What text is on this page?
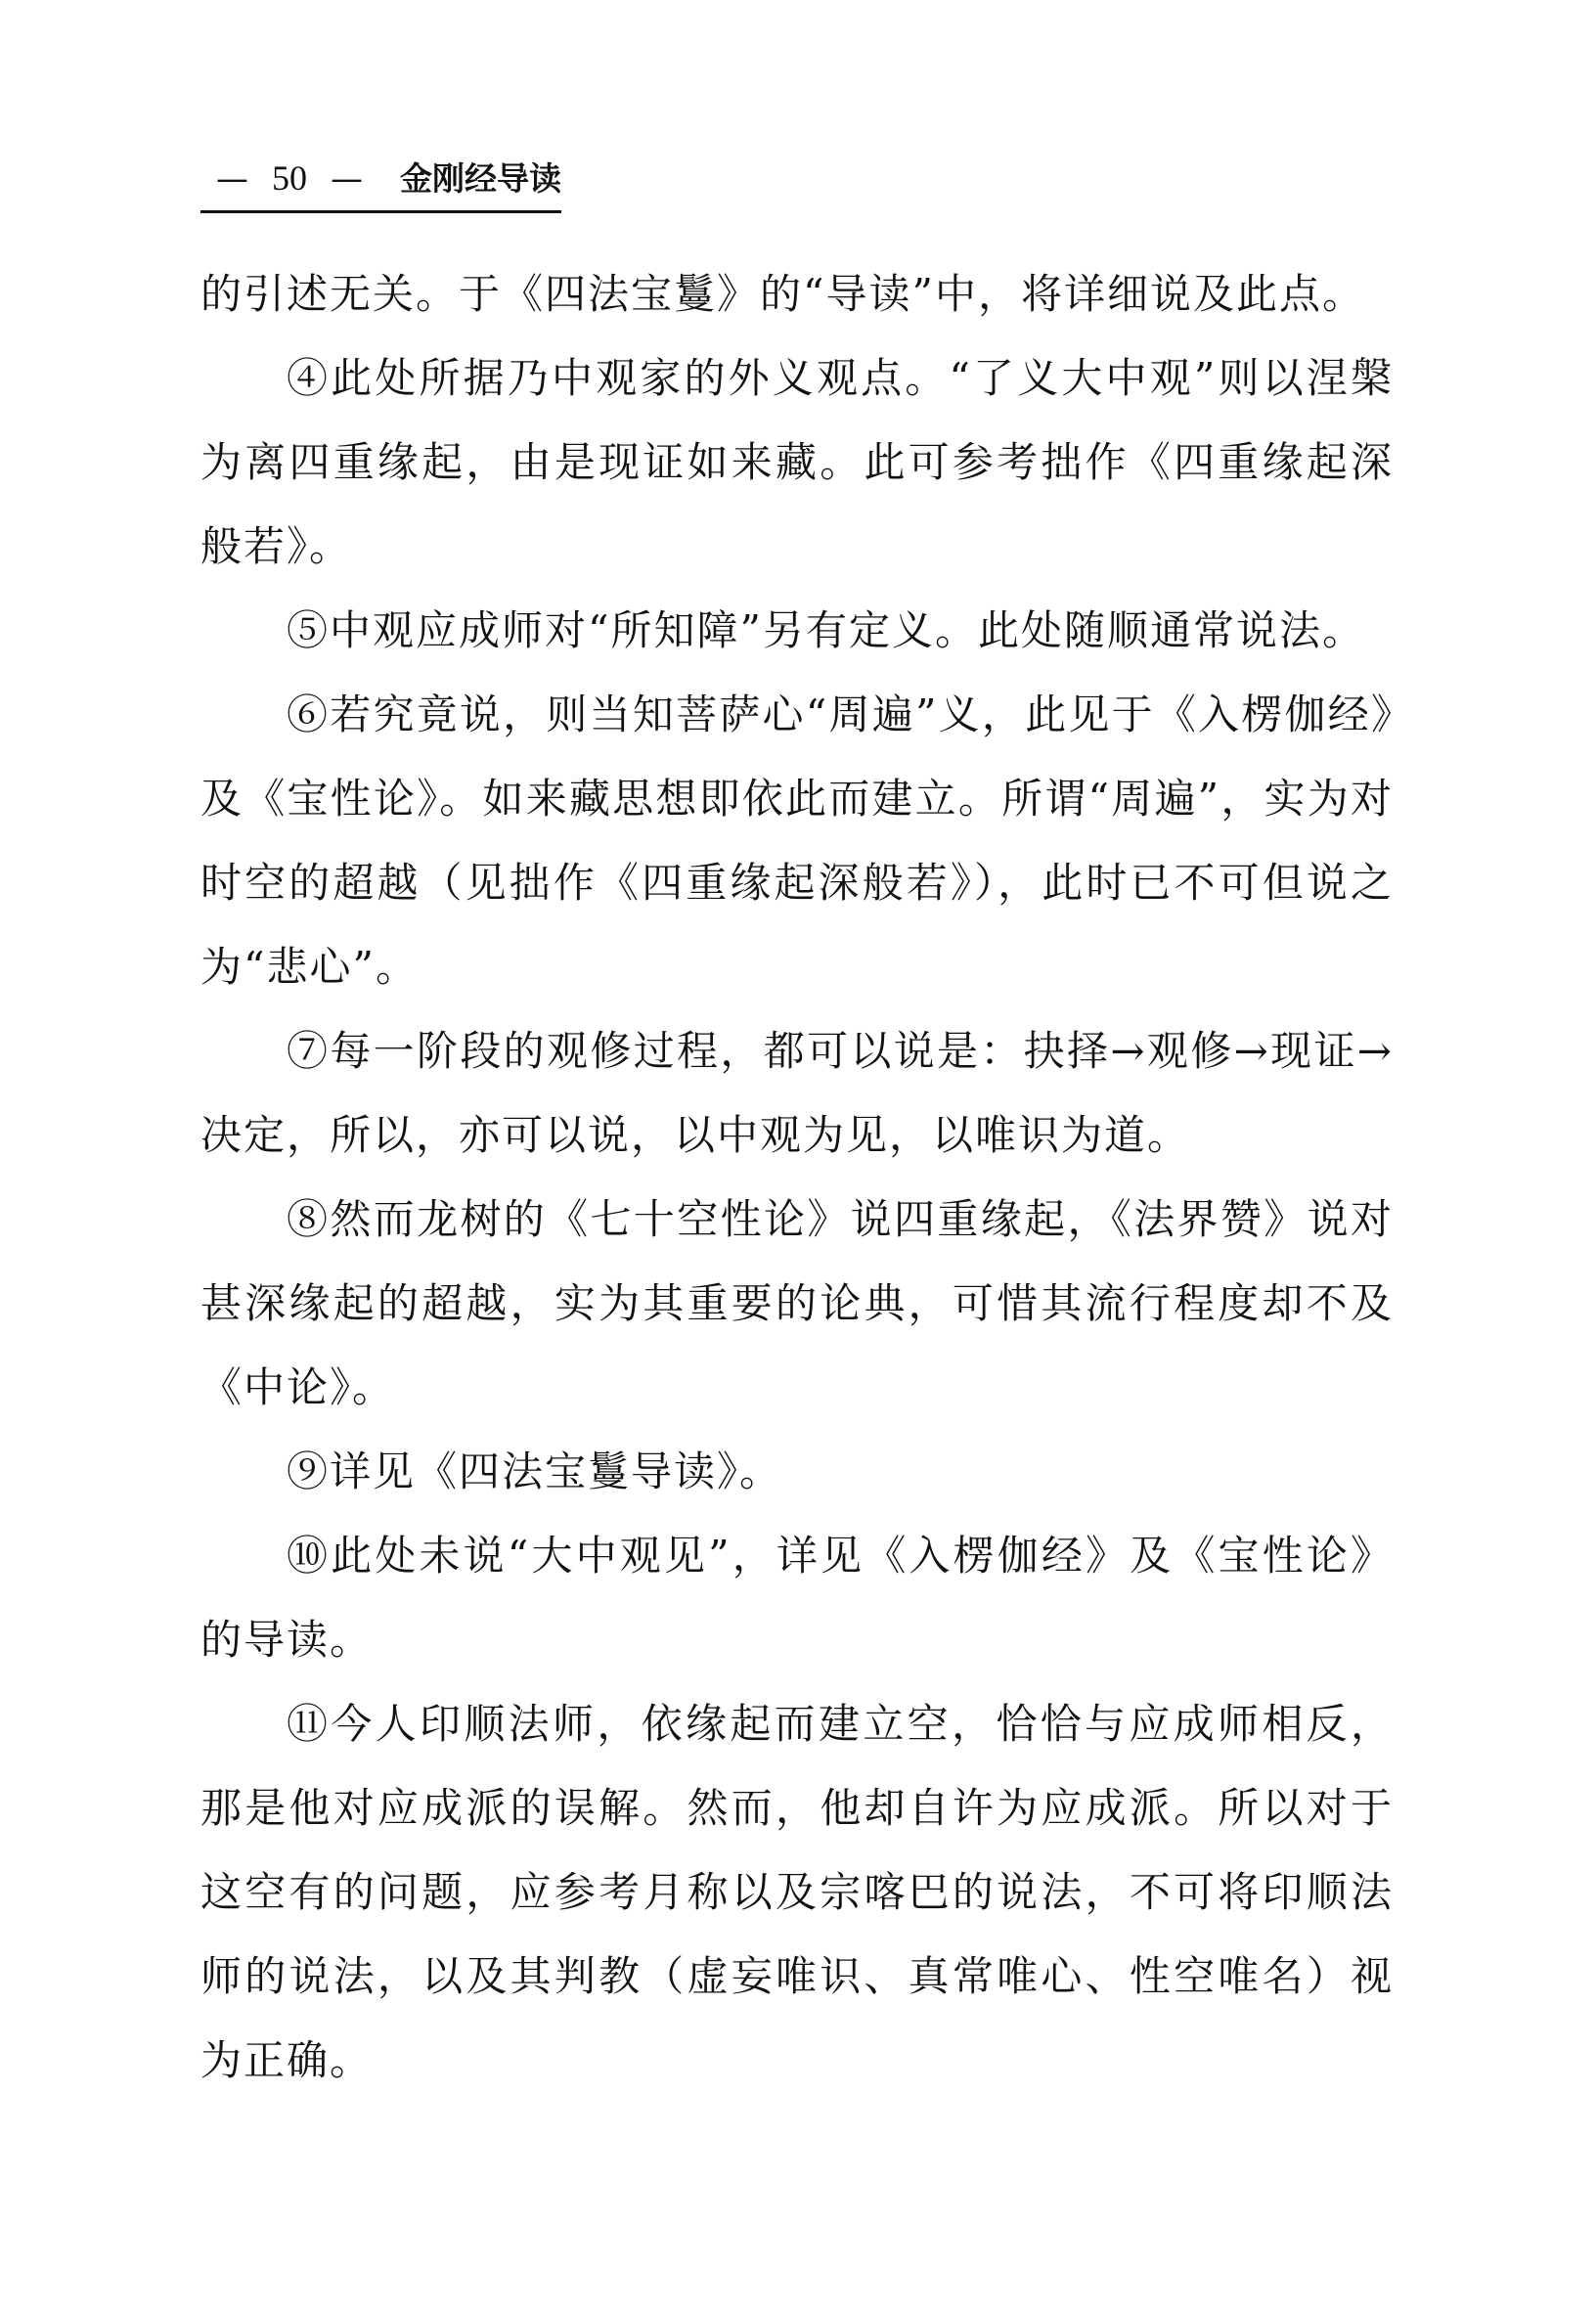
— 50 — 金刚经导读

的引述无关。于《四法宝鬘》的“导读”中，将详细说及此点。

④此处所据乃中观家的外义观点。“了义大中观”则以涅槃为离四重缘起，由是现证如来藏。此可参考拙作《四重缘起深般若》。

⑤中观应成师对“所知障”另有定义。此处随顺通常说法。

⑥若究竟说，则当知菩萨心“周遍”义，此见于《入楞伽经》及《宝性论》。如来藏思想即依此而建立。所谓“周遍”，实为对时空的超越（见拙作《四重缘起深般若》），此时已不可但说之为“悲心”。

⑦每一阶段的观修过程，都可以说是：抉择→观修→现证→决定，所以，亦可以说，以中观为见，以唯识为道。

⑧然而龙树的《七十空性论》说四重缘起，《法界赞》说对甚深缘起的超越，实为其重要的论典，可惜其流行程度却不及《中论》。

⑨详见《四法宝鬘导读》。

⑩此处未说“大中观见”，详见《入楞伽经》及《宝性论》的导读。

⑪今人印顺法师，依缘起而建立空，恰恰与应成师相反，那是他对应成派的误解。然而，他却自许为应成派。所以对于这空有的问题，应参考月称以及宗喀巴的说法，不可将印顺法师的说法，以及其判教（虚妄唯识、真常唯心、性空唯名）视为正确。
